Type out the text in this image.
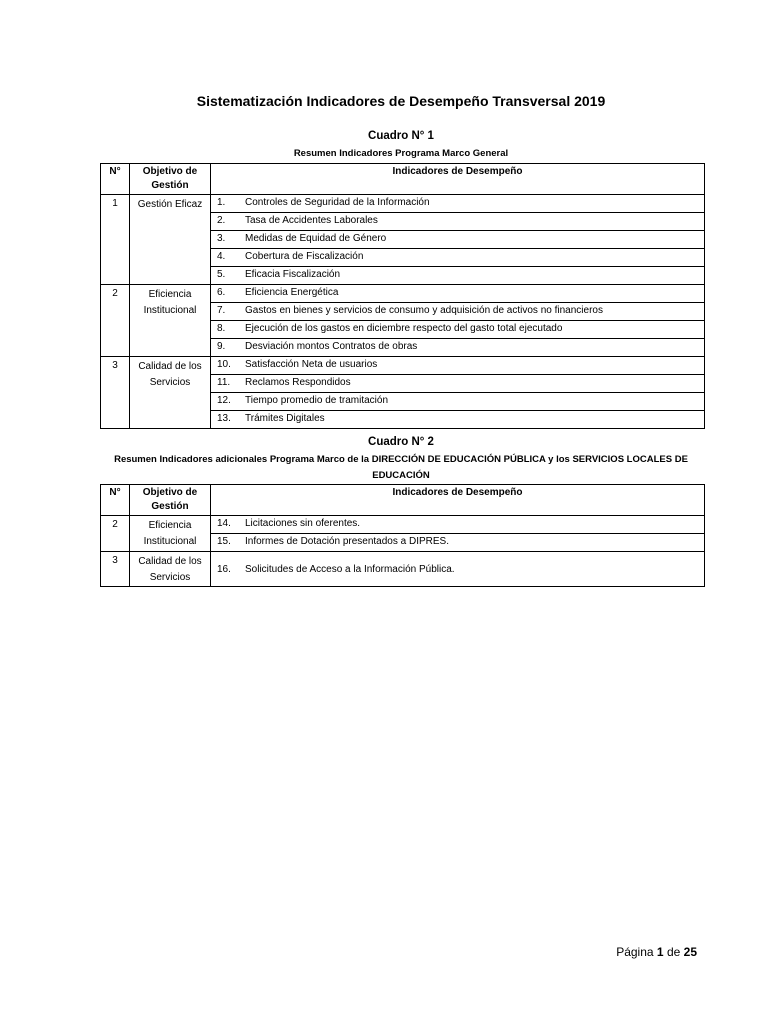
Sistematización Indicadores de Desempeño Transversal 2019
Cuadro N° 1
Resumen Indicadores Programa Marco General
N°	Objetivo de Gestión	Indicadores de Desempeño	
1	Gestión Eficaz	1.	Controles de Seguridad de la Información
		2.	Tasa de Accidentes Laborales
		3.	Medidas de Equidad de Género
		4.	Cobertura de Fiscalización
		5.	Eficacia Fiscalización
2	Eficiencia Institucional	6.	Eficiencia Energética
		7.	Gastos en bienes y servicios de consumo y adquisición de activos no financieros
		8.	Ejecución de los gastos en diciembre respecto del gasto total ejecutado
		9.	Desviación montos Contratos de obras
3	Calidad de los Servicios	10.	Satisfacción Neta de usuarios
		11.	Reclamos Respondidos
		12.	Tiempo promedio de tramitación
		13.	Trámites Digitales
Cuadro N° 2
Resumen Indicadores adicionales Programa Marco de la DIRECCIÓN DE EDUCACIÓN PÚBLICA y los SERVICIOS LOCALES DE EDUCACIÓN
N°	Objetivo de Gestión	Indicadores de Desempeño	
2	Eficiencia Institucional	14.	Licitaciones sin oferentes.
		15.	Informes de Dotación presentados a DIPRES.
3	Calidad de los Servicios	16.	Solicitudes de Acceso a la Información Pública.
Página 1 de 25
